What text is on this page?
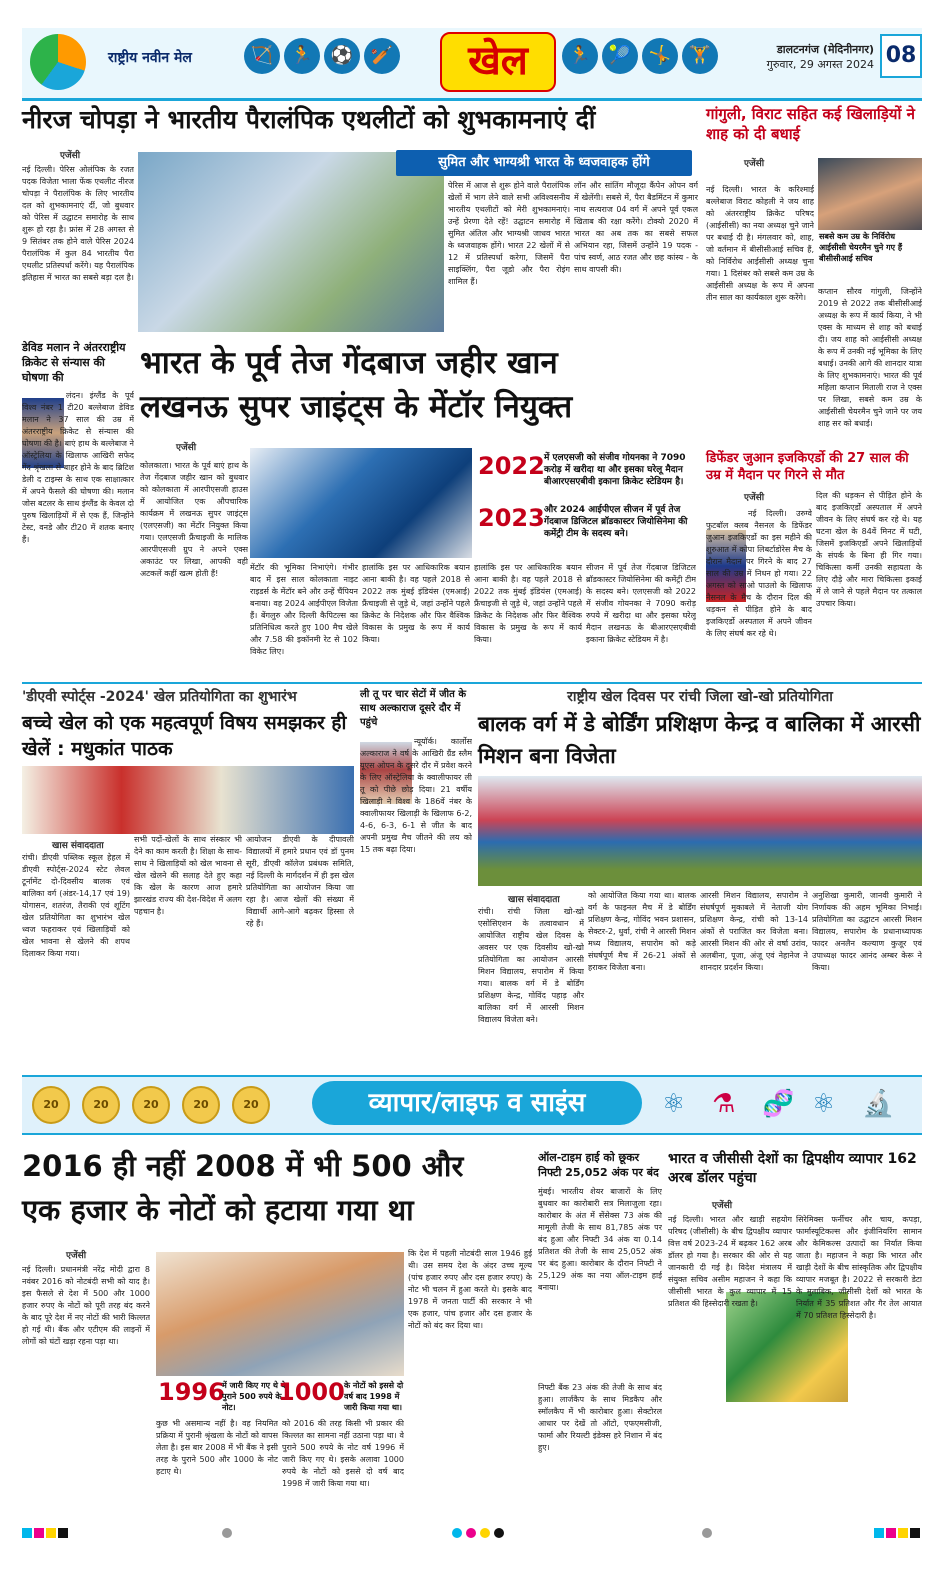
राष्ट्रीय नवीन मेल	🏹 🏃 ⚽ 🏏	खेल	🏃 🎾 🤸 🏋	डालटनगंज (मेदिनीनगर)
गुरुवार, 29 अगस्त 2024 08
नीरज चोपड़ा ने भारतीय पैरालंपिक एथलीटों को शुभकामनाएं दीं
एजेंसी
नई दिल्ली। पेरिस ओलंपिक के रजत पदक विजेता भाला फेंक एथलीट नीरज चोपड़ा ने पैरालंपिक के लिए भारतीय दल को शुभकामनाएं दीं, जो बुधवार को पेरिस में उद्घाटन समारोह के साथ शुरू हो रहा है। फ्रांस में 28 अगस्त से 9 सितंबर तक होने वाले पेरिस 2024 पैरालंपिक में कुल 84 भारतीय पैरा एथलीट प्रतिस्पर्धा करेंगे। यह पैरालंपिक इतिहास में भारत का सबसे बड़ा दल है।
सुमित और भाग्यश्री भारत के ध्वजवाहक होंगे
पेरिस में आज से शुरू होने वाले पैरालंपिक खेलों में भाग लेने वाले सभी अविश्वसनीय भारतीय एथलीटों को मेरी शुभकामनाएं। उन्हें प्रेरणा देते रहें! उद्घाटन समारोह में सुमित अंतिल और भाग्यश्री जाधव भारत के ध्वजवाहक होंगे। भारत 22 खेलों में से 12 में प्रतिस्पर्धा करेगा, जिसमें पैरा साइक्लिंग, पैरा जूडो और पैरा रोइंग शामिल हैं।
लॉन और सांतिंग मौजूदा कैंपेन ओपन वर्ग में खेलेंगी। सबसे में, पैरा बैडमिंटन में कुमार नाथ सत्यराज 04 वर्ग में अपने पूर्व एकल खिताब की रक्षा करेंगे। टोक्यो 2020 में भारत का अब तक का सबसे सफल अभियान रहा, जिसमें उन्होंने 19 पदक - पांच स्वर्ण, आठ रजत और छह कांस्य - के साथ वापसी की।
गांगुली, विराट सहित कई खिलाड़ियों ने शाह को दी बधाई
एजेंसी
सबसे कम उम्र के निर्विरोध आईसीसी चेयरमैन चुने गए हैं बीसीसीआई सचिव
नई दिल्ली। भारत के करिश्माई बल्लेबाज विराट कोहली ने जय शाह को अंतरराष्ट्रीय क्रिकेट परिषद (आईसीसी) का नया अध्यक्ष चुने जाने पर बधाई दी है। मंगलवार को, शाह, जो वर्तमान में बीसीसीआई सचिव हैं, को निर्विरोध आईसीसी अध्यक्ष चुना गया। 1 दिसंबर को सबसे कम उम्र के आईसीसी अध्यक्ष के रूप में अपना तीन साल का कार्यकाल शुरू करेंगे।
कप्तान सौरव गांगुली, जिन्होंने 2019 से 2022 तक बीसीसीआई अध्यक्ष के रूप में कार्य किया, ने भी एक्स के माध्यम से शाह को बधाई दी। जय शाह को आईसीसी अध्यक्ष के रूप में उनकी नई भूमिका के लिए बधाई। उनकी आगे की शानदार यात्रा के लिए शुभकामनाएं। भारत की पूर्व महिला कप्तान मिताली राज ने एक्स पर लिखा, सबसे कम उम्र के आईसीसी चेयरमैन चुने जाने पर जय शाह सर को बधाई।
डेविड मलान ने अंतरराष्ट्रीय क्रिकेट से संन्यास की घोषणा की
लंदन। इंग्लैंड के पूर्व विश्व नंबर 1 टी20 बल्लेबाज डेविड मलान ने 37 साल की उम्र में अंतरराष्ट्रीय क्रिकेट से संन्यास की घोषणा की है। बाएं हाथ के बल्लेबाज ने ऑस्ट्रेलिया के खिलाफ आखिरी सफेद गेंद श्रृंखला से बाहर होने के बाद ब्रिटिश डेली द टाइम्स के साथ एक साक्षात्कार में अपने फैसले की घोषणा की। मलान जोस बटलर के साथ इंग्लैंड के केवल दो पुरुष खिलाड़ियों में से एक हैं, जिन्होंने टेस्ट, वनडे और टी20 में शतक बनाए हैं।
भारत के पूर्व तेज गेंदबाज जहीर खान
लखनऊ सुपर जाइंट्स के मेंटॉर नियुक्त
एजेंसी
कोलकाता। भारत के पूर्व बाएं हाथ के तेज गेंदबाज जहीर खान को बुधवार को कोलकाता में आरपीएसजी हाउस में आयोजित एक औपचारिक कार्यक्रम में लखनऊ सुपर जाइंट्स (एलएसजी) का मेंटॉर नियुक्त किया गया। एलएसजी फ्रैंचाइजी के मालिक आरपीएसजी ग्रुप ने अपने एक्स अकाउंट पर लिखा, आपकी वही अटकलें कहीं खत्म होती हैं!
2022 में एलएसजी को संजीव गोयनका ने 7090 करोड़ में खरीदा था और इसका घरेलू मैदान बीआरएसएबीवी इकाना क्रिकेट स्टेडियम है।
2023 और 2024 आईपीएल सीजन में पूर्व तेज गेंदबाज डिजिटल ब्रॉडकास्टर जियोसिनेमा की कमेंट्री टीम के सदस्य बने।
मेंटॉर की भूमिका निभाएंगे। गंभीर बाद में इस साल कोलकाता नाइट राइडर्स के मेंटॉर बने और उन्हें चैंपियन बनाया। वह 2024 आईपीएल विजेता हैं। बेंगलुरु और दिल्ली कैपिटल्स का प्रतिनिधित्व करते हुए 100 मैच खेले और 7.58 की इकॉनमी रेट से 102 विकेट लिए।
हालांकि इस पर आधिकारिक बयान आना बाकी है। वह पहले 2018 से 2022 तक मुंबई इंडियंस (एमआई) फ्रैंचाइजी से जुड़े थे, जहां उन्होंने पहले क्रिकेट के निदेशक और फिर वैश्विक विकास के प्रमुख के रूप में कार्य किया।
हालांकि इस पर आधिकारिक बयान आना बाकी है। वह पहले 2018 से 2022 तक मुंबई इंडियंस (एमआई) फ्रैंचाइजी से जुड़े थे, जहां उन्होंने पहले क्रिकेट के निदेशक और फिर वैश्विक विकास के प्रमुख के रूप में कार्य किया।
सीजन में पूर्व तेज गेंदबाज डिजिटल ब्रॉडकास्टर जियोसिनेमा की कमेंट्री टीम के सदस्य बने। एलएसजी को 2022 में संजीव गोयनका ने 7090 करोड़ रुपये में खरीदा था और इसका घरेलू मैदान लखनऊ के बीआरएसएबीवी इकाना क्रिकेट स्टेडियम में है।
डिफेंडर जुआन इजकिएर्डो की 27 साल की उम्र में मैदान पर गिरने से मौत
एजेंसी
नई दिल्ली। उरुग्वे फुटबॉल क्लब नैसनल के डिफेंडर जुआन इजकिएर्डो का इस महीने की शुरुआत में कोपा लिबर्टाडोरेस मैच के दौरान मैदान पर गिरने के बाद 27 साल की उम्र में निधन हो गया। 22 अगस्त को साओ पाउलो के खिलाफ नैसनल के मैच के दौरान दिल की धड़कन से पीड़ित होने के बाद इजकिएर्डो अस्पताल में अपने जीवन के लिए संघर्ष कर रहे थे।
दिल की धड़कन से पीड़ित होने के बाद इजकिएर्डो अस्पताल में अपने जीवन के लिए संघर्ष कर रहे थे। यह घटना खेल के 84वें मिनट में घटी, जिसमें इजकिएर्डो अपने खिलाड़ियों के संपर्क के बिना ही गिर गया। चिकित्सा कर्मी उनकी सहायता के लिए दौड़े और मारा चिकित्सा इकाई में ले जाने से पहले मैदान पर तत्काल उपचार किया।
'डीएवी स्पोर्ट्स -2024' खेल प्रतियोगिता का शुभारंभ
बच्चे खेल को एक महत्वपूर्ण विषय समझकर ही खेलें : मधुकांत पाठक
खास संवाददाता
रांची। डीएवी पब्लिक स्कूल हेहल में डीएवी स्पोर्ट्स-2024 स्टेट लेवल टूर्नामेंट दो-दिवसीय बालक एवं बालिका वर्ग (अंडर-14,17 एवं 19) योगासन, शतरंज, तैराकी एवं शूटिंग खेल प्रतियोगिता का शुभारंभ खेल ध्वज फहराकर एवं खिलाड़ियों को खेल भावना से खेलने की शपथ दिलाकर किया गया।
सभी पदों-खेलों के साथ संस्कार भी देने का काम करती है। शिक्षा के साथ-साथ ने खिलाड़ियों को खेल भावना से खेल खेलने की सलाह देते हुए कहा कि खेल के कारण आज हमारे झारखंड राज्य की देश-विदेश में अलग पहचान है।
आयोजन डीएवी के दीपावली विद्यालयों में हमारे प्रधान एवं डॉ पुनम सूरी, डीएवी कॉलेज प्रबंधक समिति, नई दिल्ली के मार्गदर्शन में ही इस खेल प्रतियोगिता का आयोजन किया जा रहा है। आज खेलों की संख्या में विद्यार्थी आगे-आगे बढ़कर हिस्सा ले रहे हैं।
ली तू पर चार सेटों में जीत के साथ अल्काराज दूसरे दौर में पहुंचे
न्यूयॉर्क। कार्लोस अल्काराज ने वर्ष के आखिरी ग्रैंड स्लैम यूएस ओपन के दूसरे दौर में प्रवेश करने के लिए ऑस्ट्रेलिया के क्वालीफायर ली तू को पीछे छोड़ दिया। 21 वर्षीय खिलाड़ी ने विश्व के 186वें नंबर के क्वालीफायर खिलाड़ी के खिलाफ 6-2, 4-6, 6-3, 6-1 से जीत के बाद अपनी प्रमुख मैच जीतने की लय को 15 तक बढ़ा दिया।
राष्ट्रीय खेल दिवस पर रांची जिला खो-खो प्रतियोगिता
बालक वर्ग में डे बोर्डिंग प्रशिक्षण केन्द्र व बालिका में आरसी मिशन बना विजेता
खास संवाददाता
रांची। रांची जिला खो-खो एसोसिएशन के तत्वावधान में आयोजित राष्ट्रीय खेल दिवस के अवसर पर एक दिवसीय खो-खो प्रतियोगिता का आयोजन आरसी मिशन विद्यालय, सपारोम में किया गया। बालक वर्ग में डे बोर्डिंग प्रशिक्षण केन्द्र, गोविंद पहाड़ और बालिका वर्ग में आरसी मिशन विद्यालय विजेता बने।
को आयोजित किया गया था। बालक वर्ग के फाइनल मैच में डे बोर्डिंग प्रशिक्षण केन्द्र, गोविंद भवन प्रशासन, सेक्टर-2, धुर्वा, रांची ने आरसी मिशन मध्य विद्यालय, सपारोम को कड़े संघर्षपूर्ण मैच में 26-21 अंकों से हराकर विजेता बना।
आरसी मिशन विद्यालय, सपारोम ने संघर्षपूर्ण मुकाबले में नेताजी योग प्रशिक्षण केन्द्र, रांची को 13-14 अंकों से पराजित कर विजेता बना। आरसी मिशन की ओर से वर्षा उरांव, अलबीना, पूजा, अंजू एवं नेहानेज ने शानदार प्रदर्शन किया।
अनुशिखा कुमारी, जानवी कुमारी ने निर्णायक की अहम भूमिका निभाई। प्रतियोगिता का उद्घाटन आरसी मिशन विद्यालय, सपारोम के प्रधानाध्यापक फादर अनलैन कल्याण कुजूर एवं उपाध्यक्ष फादर आनंद अम्बर केरू ने किया।
20	20	20	20	20	व्यापार/लाइफ व साइंस	⚛ ⚗ 🧬 ⚛ 🔬
2016 ही नहीं 2008 में भी 500 और
एक हजार के नोटों को हटाया गया था
एजेंसी
नई दिल्ली। प्रधानमंत्री नरेंद्र मोदी द्वारा 8 नवंबर 2016 को नोटबंदी सभी को याद है। इस फैसले से देश में 500 और 1000 हजार रुपए के नोटों को पूरी तरह बंद करने के बाद पूरे देश में नए नोटों की भारी किल्लत हो गई थी। बैंक और एटीएम की लाइनों में लोगों को घंटों खड़ा रहना पड़ा था।
1996
में जारी किए गए थे ये पुराने 500 रुपये के नोट।
1000 के नोटों को इससे दो वर्ष बाद 1998 में जारी किया गया था।
कुछ भी असमान्य नहीं है। वह नियमित प्रक्रिया में पुरानी श्रृंखला के नोटों को वापस लेता है। इस बार 2008 में भी बैंक ने इसी तरह के पुराने 500 और 1000 के नोट हटाए थे।
को 2016 की तरह किसी भी प्रकार की किल्लत का सामना नहीं उठाना पड़ा था। वे पुराने 500 रुपये के नोट वर्ष 1996 में जारी किए गए थे। इसके अलावा 1000 रुपये के नोटों को इससे दो वर्ष बाद 1998 में जारी किया गया था।
कि देश में पहली नोटबंदी साल 1946 हुई थी। उस समय देश के अंदर उच्च मूल्य (पांच हजार रुपए और दस हजार रुपए) के नोट भी चलन में हुआ करते थे। इसके बाद 1978 में जनता पार्टी की सरकार ने भी एक हजार, पांच हजार और दस हजार के नोटों को बंद कर दिया था।
ऑल-टाइम हाई को छूकर निफ्टी 25,052 अंक पर बंद
मुंबई। भारतीय शेयर बाजारों के लिए बुधवार का कारोबारी सत्र मिलाजुला रहा। कारोबार के अंत में सेंसेक्स 73 अंक की मामूली तेजी के साथ 81,785 अंक पर बंद हुआ और निफ्टी 34 अंक या 0.14 प्रतिशत की तेजी के साथ 25,052 अंक पर बंद हुआ। कारोबार के दौरान निफ्टी ने 25,129 अंक का नया ऑल-टाइम हाई बनाया।
निफ्टी बैंक 23 अंक की तेजी के साथ बंद हुआ। लार्जकैप के साथ मिडकैप और स्मॉलकैप में भी कारोबार हुआ। सेक्टोरल आधार पर देखें तो ऑटो, एफएमसीजी, फार्मा और रियल्टी इंडेक्स हरे निशान में बंद हुए।
भारत व जीसीसी देशों का द्विपक्षीय व्यापार 162 अरब डॉलर पहुंचा
एजेंसी
नई दिल्ली। भारत और खाड़ी सहयोग परिषद (जीसीसी) के बीच द्विपक्षीय व्यापार वित्त वर्ष 2023-24 में बढ़कर 162 अरब डॉलर हो गया है। सरकार की ओर से यह जानकारी दी गई है। विदेश मंत्रालय में संयुक्त सचिव असीम महाजन ने कहा कि जीसीसी भारत के कुल व्यापार में 15 प्रतिशत की हिस्सेदारी रखता है।
सिरेमिक्स फर्नीचर और चाय, कपड़ा, फार्मास्यूटिकल्स और इंजीनियरिंग सामान और केमिकल्स उत्पादों का निर्यात किया जाता है। महाजन ने कहा कि भारत और खाड़ी देशों के बीच सांस्कृतिक और द्विपक्षीय व्यापार मजबूत है। 2022 से सरकारी डेटा के मुताबिक, जीसीसी देशों को भारत के निर्यात में 35 प्रतिशत और गैर तेल आयात में 70 प्रतिशत हिस्सेदारी है।
